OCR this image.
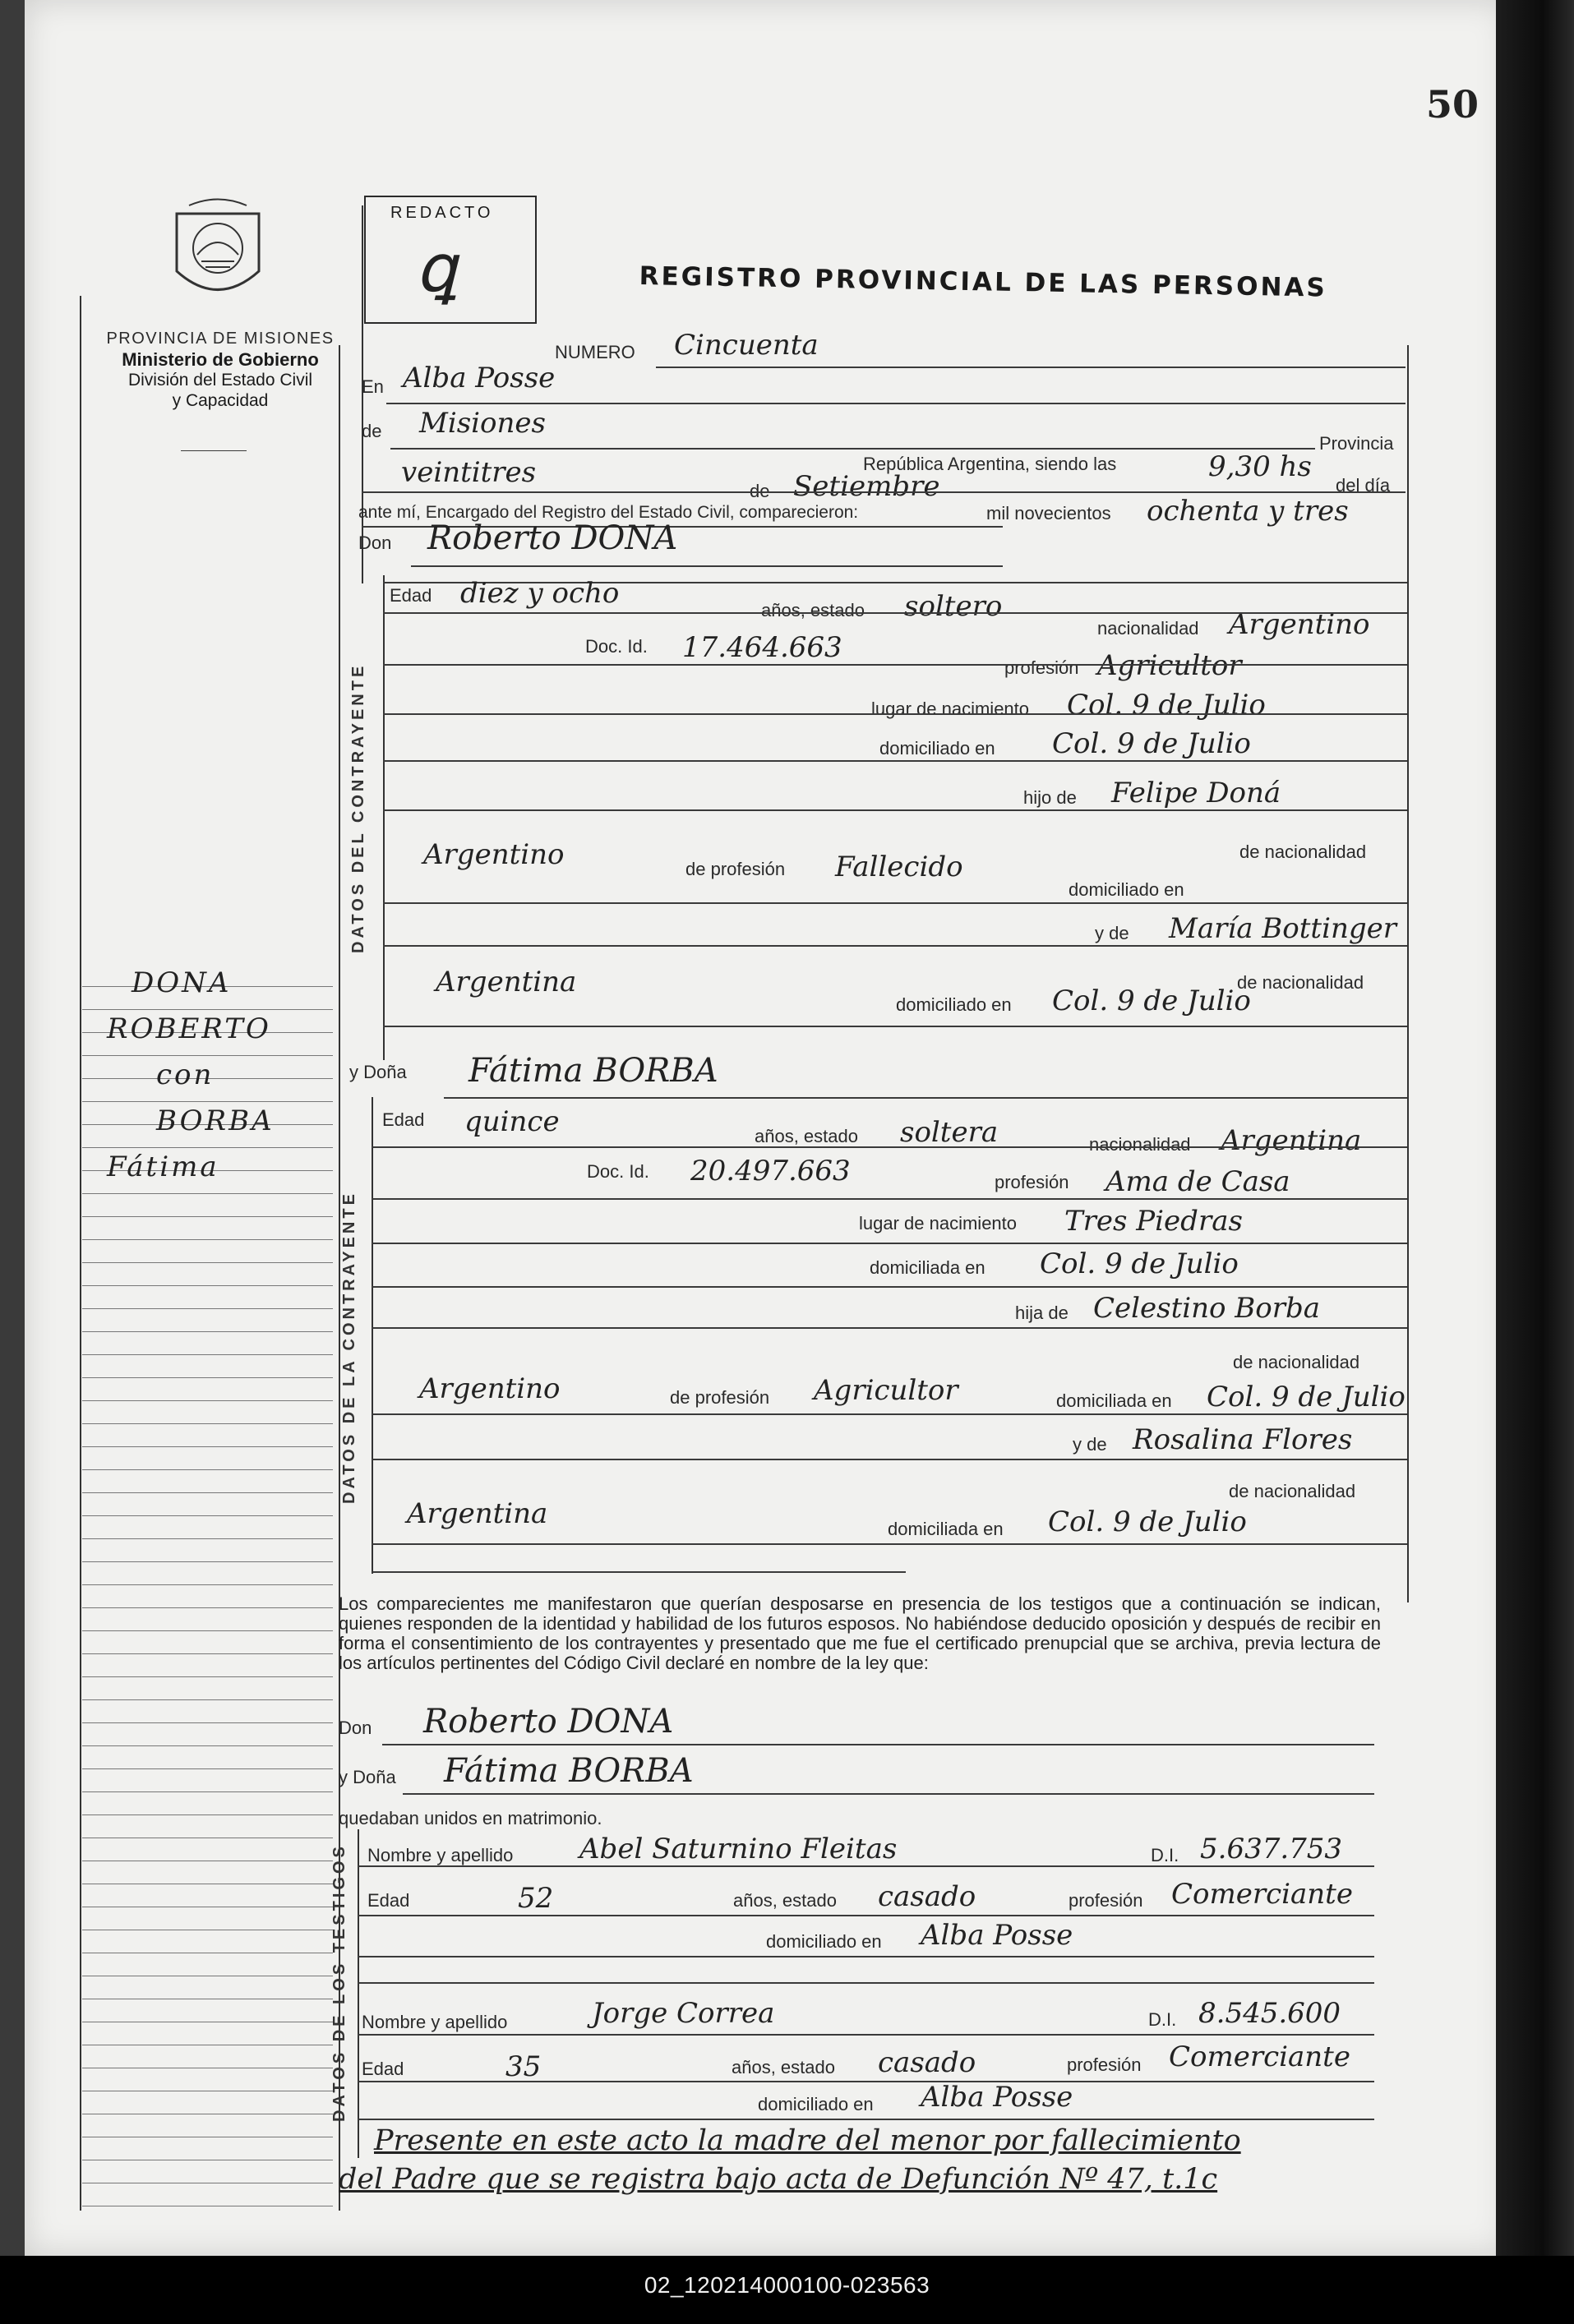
02_120214000100-023563
50
PROVINCIA DE MISIONES
Ministerio de Gobierno
División del Estado Civil
y Capacidad
REDACTO
ꝗ	REGISTRO PROVINCIAL DE LAS PERSONAS
NUMERO Cincuenta
En Alba Posse
de Misiones
Provincia
República Argentina, siendo las	9,30 hs
del día
veintitres
de Setiembre
mil novecientos ochenta y tres
ante mí, Encargado del Registro del Estado Civil, comparecieron:
Don Roberto DONA
DATOS DEL CONTRAYENTE
Edad diez y ocho
años, estado soltero
nacionalidad Argentino
Doc. Id. 17.464.663
profesión Agricultor
lugar de nacimiento Col. 9 de Julio
domiciliado en Col. 9 de Julio
hijo de Felipe Doná
de nacionalidad
Argentino	de profesión Fallecido
domiciliado en
y de María Bottinger
de nacionalidad
Argentina
domiciliado en Col. 9 de Julio
DONA
ROBERTO
con
BORBA
Fátima
y Doña Fátima BORBA
DATOS DE LA CONTRAYENTE
Edad quince	años, estado soltera	nacionalidad Argentina
Doc. Id. 20.497.663	profesión Ama de Casa
lugar de nacimiento Tres Piedras
domiciliada en Col. 9 de Julio
hija de Celestino Borba
de nacionalidad
Argentino	de profesión Agricultor	domiciliada en Col. 9 de Julio
y de Rosalina Flores
de nacionalidad
Argentina	domiciliada en Col. 9 de Julio
Los comparecientes me manifestaron que querían desposarse en presencia de los testigos que a continuación se indican, quienes responden de la identidad y habilidad de los futuros esposos. No habiéndose deducido oposición y después de recibir en forma el consentimiento de los contrayentes y presentado que me fue el certificado prenupcial que se archiva, previa lectura de los artículos pertinentes del Código Civil declaré en nombre de la ley que:
Don Roberto DONA
y Doña Fátima BORBA
quedaban unidos en matrimonio.
DATOS DE LOS TESTIGOS Nombre y apellido Abel Saturnino Fleitas	D.I. 5.637.753
Edad	52	años, estado casado	profesión Comerciante
domiciliado en Alba Posse
Nombre y apellido	Jorge Correa	D.I. 8.545.600
Edad	35	años, estado casado	profesión Comerciante
domiciliado en Alba Posse
Presente en este acto la madre del menor por fallecimiento
del Padre que se registra bajo acta de Defunción Nº 47, t.1c
